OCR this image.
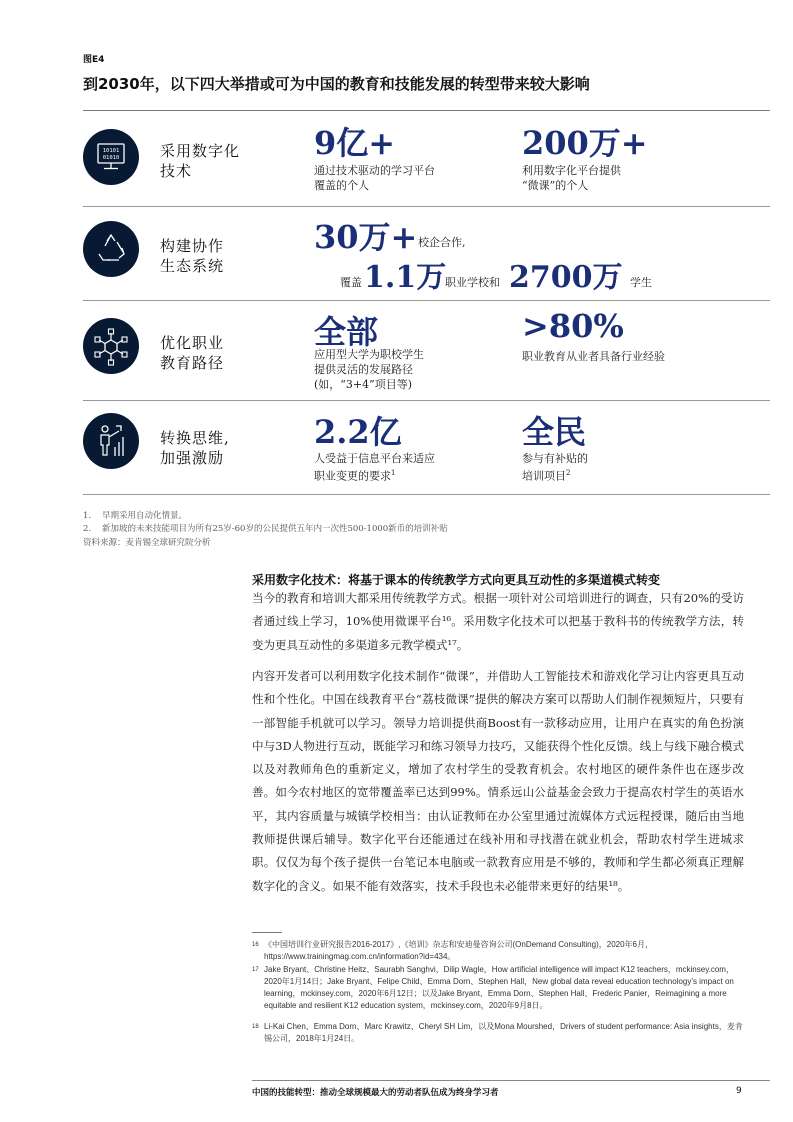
图E4
到2030年，以下四大举措或可为中国的教育和技能发展的转型带来较大影响
10101
01010	采用数字化
技术
9亿+
通过技术驱动的学习平台
覆盖的个人
200万+
利用数字化平台提供
“微课”的个人
构建协作
生态系统
30万+ 校企合作,
覆盖 1.1万
职业学校和 2700万 学生
优化职业
教育路径
全部
应用型大学为职校学生
提供灵活的发展路径
(如，“3+4”项目等)
>80%
职业教育从业者具备行业经验
转换思维,
加强激励
2.2亿
人受益于信息平台来适应
职业变更的要求$^1$
全民
参与有补贴的
培训项目$^2$
1. 早期采用自动化情景。
2. 新加坡的未来技能项目为所有25岁-60岁的公民提供五年内一次性500-1000新币的培训补贴
资料来源：麦肯锡全球研究院分析
采用数字化技术：将基于课本的传统教学方式向更具互动性的多渠道模式转变
当今的教育和培训大都采用传统教学方式。根据一项针对公司培训进行的调查，只有20%的受访者通过线上学习，10%使用微课平台¹⁶。采用数字化技术可以把基于教科书的传统教学方法，转变为更具互动性的多渠道多元教学模式¹⁷。
内容开发者可以利用数字化技术制作“微课”，并借助人工智能技术和游戏化学习让内容更具互动性和个性化。中国在线教育平台“荔枝微课”提供的解决方案可以帮助人们制作视频短片，只要有一部智能手机就可以学习。领导力培训提供商Boost有一款移动应用，让用户在真实的角色扮演中与3D人物进行互动，既能学习和练习领导力技巧，又能获得个性化反馈。线上与线下融合模式以及对教师角色的重新定义，增加了农村学生的受教育机会。农村地区的硬件条件也在逐步改善。如今农村地区的宽带覆盖率已达到99%。情系远山公益基金会致力于提高农村学生的英语水平，其内容质量与城镇学校相当：由认证教师在办公室里通过流媒体方式远程授课，随后由当地教师提供课后辅导。数字化平台还能通过在线补用和寻找潜在就业机会，帮助农村学生进城求职。仅仅为每个孩子提供一台笔记本电脑或一款教育应用是不够的，教师和学生都必须真正理解数字化的含义。如果不能有效落实，技术手段也未必能带来更好的结果¹⁸。
16 《中国培训行业研究报告2016-2017》,《培训》杂志和安迪曼咨询公司(OnDemand Consulting)，2020年6月，https://www.trainingmag.com.cn/information?id=434。
17 Jake Bryant、Christine Heitz、Saurabh Sanghvi、Dilip Wagle，How artificial intelligence will impact K12 teachers，mckinsey.com，2020年1月14日；Jake Bryant、Felipe Child、Emma Dorn、Stephen Hall，New global data reveal education technology’s impact on learning，mckinsey.com，2020年6月12日；以及Jake Bryant、Emma Dorn、Stephen Hall、Frederic Panier，Reimagining a more equitable and resilient K12 education system，mckinsey.com，2020年9月8日。
18 Li-Kai Chen、Emma Dorn、Marc Krawitz、Cheryl SH Lim，以及Mona Mourshed，Drivers of student performance: Asia insights，麦肯锡公司，2018年1月24日。
中国的技能转型：推动全球规模最大的劳动者队伍成为终身学习者	9
